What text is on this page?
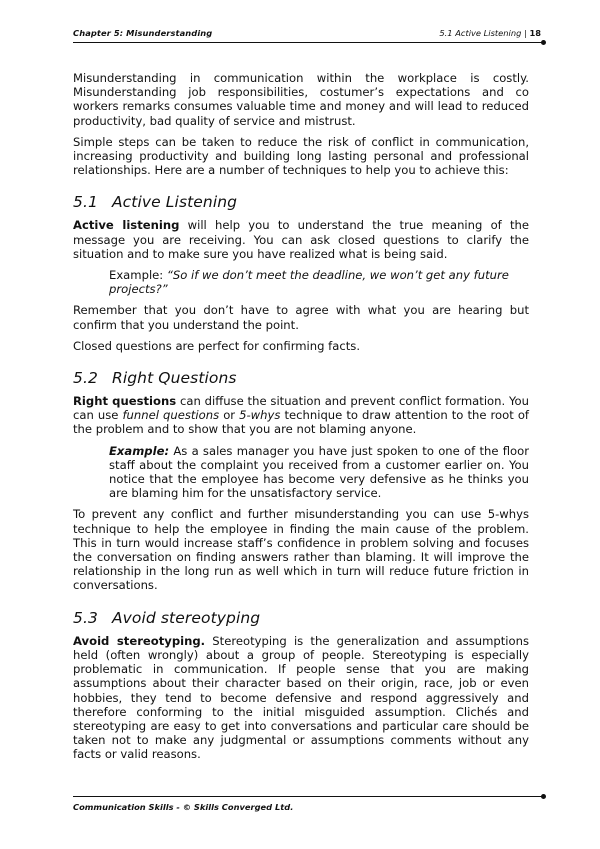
Chapter 5: Misunderstanding	5.1 Active Listening | 18

Misunderstanding in communication within the workplace is costly. Misunderstanding job responsibilities, costumer’s expectations and co workers remarks consumes valuable time and money and will lead to reduced productivity, bad quality of service and mistrust.

Simple steps can be taken to reduce the risk of conflict in communication, increasing productivity and building long lasting personal and professional relationships. Here are a number of techniques to help you to achieve this:

5.1 Active Listening

Active listening will help you to understand the true meaning of the message you are receiving. You can ask closed questions to clarify the situation and to make sure you have realized what is being said.

Example: “So if we don’t meet the deadline, we won’t get any future projects?”

Remember that you don’t have to agree with what you are hearing but confirm that you understand the point.

Closed questions are perfect for confirming facts.

5.2 Right Questions

Right questions can diffuse the situation and prevent conflict formation. You can use funnel questions or 5-whys technique to draw attention to the root of the problem and to show that you are not blaming anyone.

Example: As a sales manager you have just spoken to one of the floor staff about the complaint you received from a customer earlier on. You notice that the employee has become very defensive as he thinks you are blaming him for the unsatisfactory service.

To prevent any conflict and further misunderstanding you can use 5-whys technique to help the employee in finding the main cause of the problem. This in turn would increase staff’s confidence in problem solving and focuses the conversation on finding answers rather than blaming. It will improve the relationship in the long run as well which in turn will reduce future friction in conversations.

5.3 Avoid stereotyping

Avoid stereotyping. Stereotyping is the generalization and assumptions held (often wrongly) about a group of people. Stereotyping is especially problematic in communication. If people sense that you are making assumptions about their character based on their origin, race, job or even hobbies, they tend to become defensive and respond aggressively and therefore conforming to the initial misguided assumption. Clichés and stereotyping are easy to get into conversations and particular care should be taken not to make any judgmental or assumptions comments without any facts or valid reasons.

Communication Skills - © Skills Converged Ltd.
